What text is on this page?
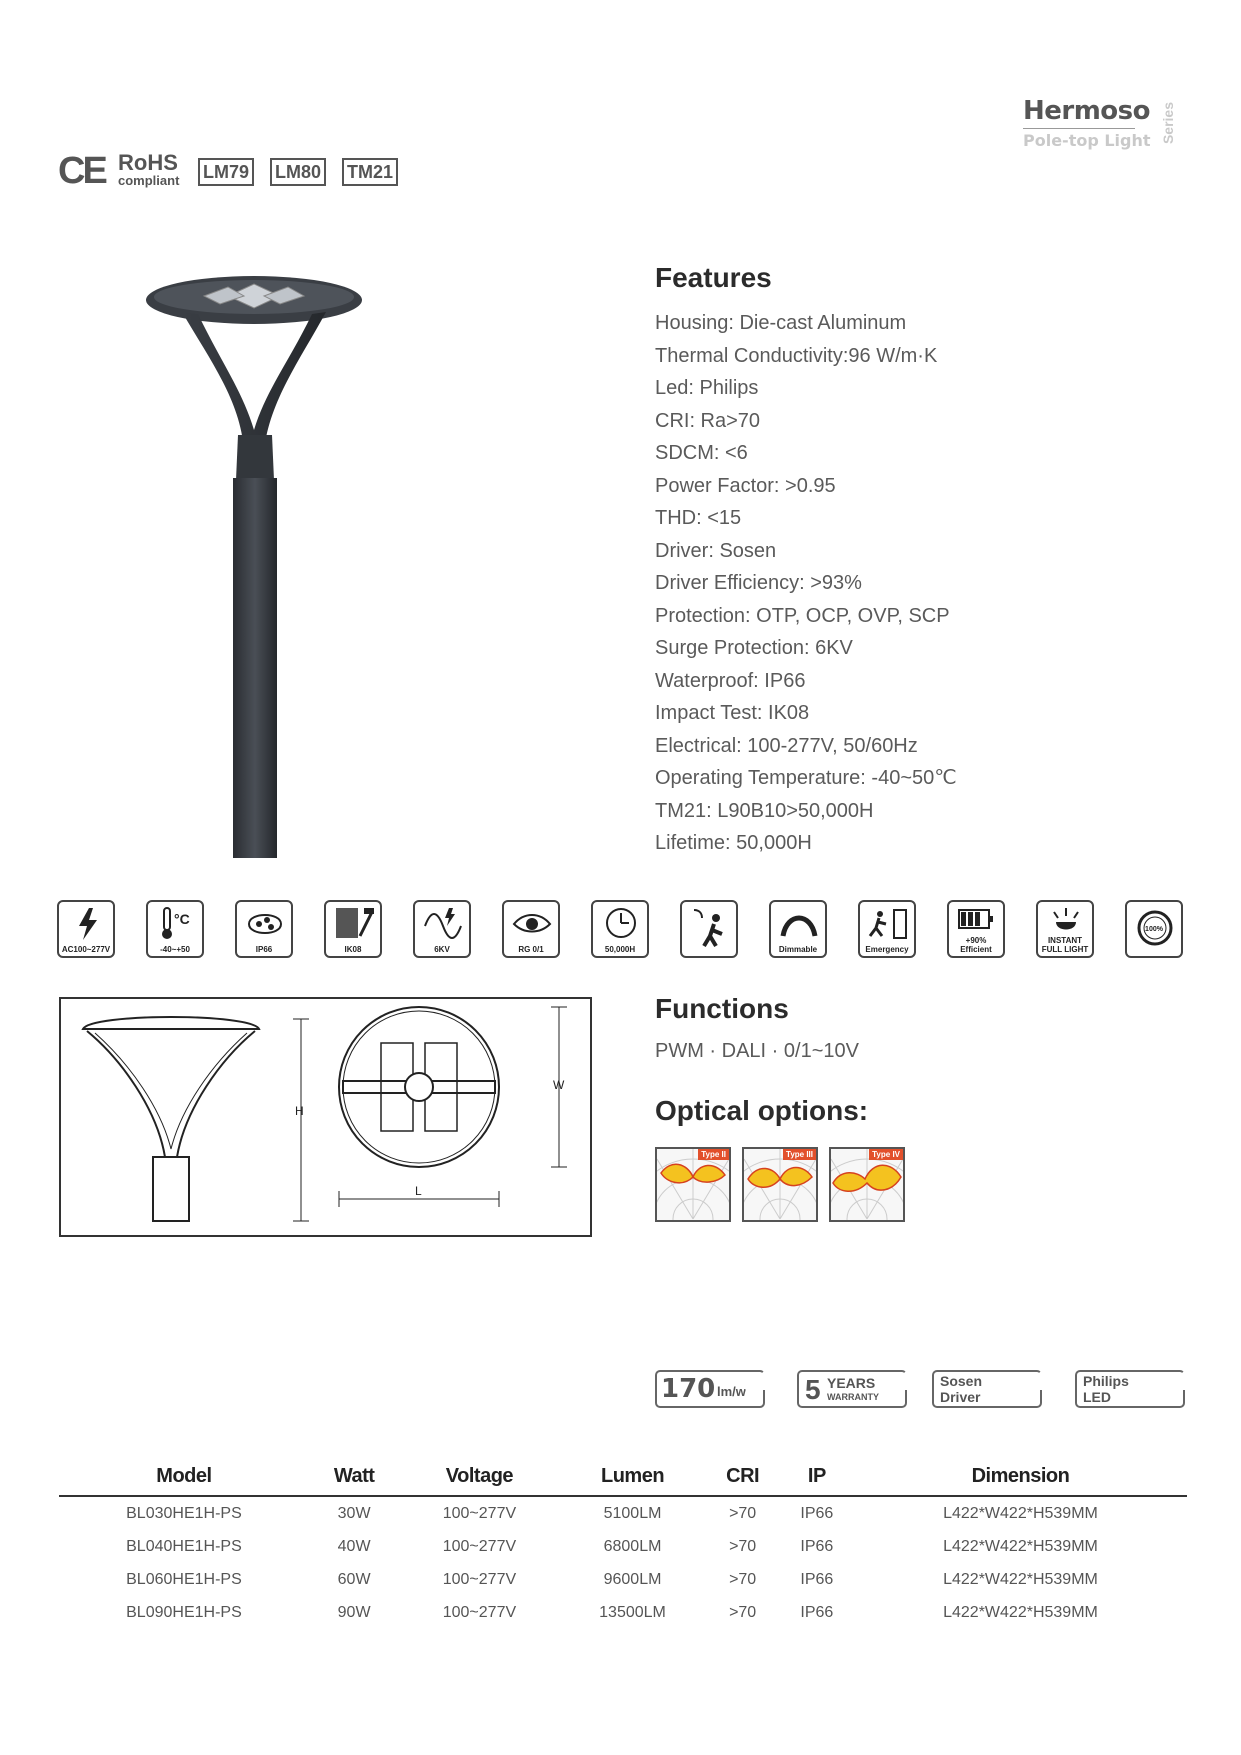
Hermoso
Pole-top Light Series
CE RoHS
compliant LM79 LM80 TM21
Features
Housing: Die-cast Aluminum
Thermal Conductivity:96 W/m·K
Led: Philips
CRI: Ra>70
SDCM: <6
Power Factor: >0.95
THD: <15
Driver: Sosen
Driver Efficiency: >93%
Protection: OTP, OCP, OVP, SCP
Surge Protection: 6KV
Waterproof: IP66
Impact Test: IK08
Electrical: 100-277V, 50/60Hz
Operating Temperature: -40~50℃
TM21: L90B10>50,000H
Lifetime: 50,000H
AC100~277V
°C
-40~+50	IP66	IK08	6KV	RG 0/1	50,000H	Dimmable	Emergency
+90% Efficient
INSTANT FULL LIGHT
100%
H
W
L
Functions
PWM · DALI · 0/1~10V
Optical options:
Type II	Type III	Type IV
170 lm/w 5 YEARS
WARRANTY
Sosen
Driver
Philips
LED
Model	Watt	Voltage	Lumen	CRI	IP	Dimension
BL030HE1H-PS	30W	100~277V	5100LM	>70	IP66	L422*W422*H539MM
BL040HE1H-PS	40W	100~277V	6800LM	>70	IP66	L422*W422*H539MM
BL060HE1H-PS	60W	100~277V	9600LM	>70	IP66	L422*W422*H539MM
BL090HE1H-PS	90W	100~277V	13500LM	>70	IP66	L422*W422*H539MM
